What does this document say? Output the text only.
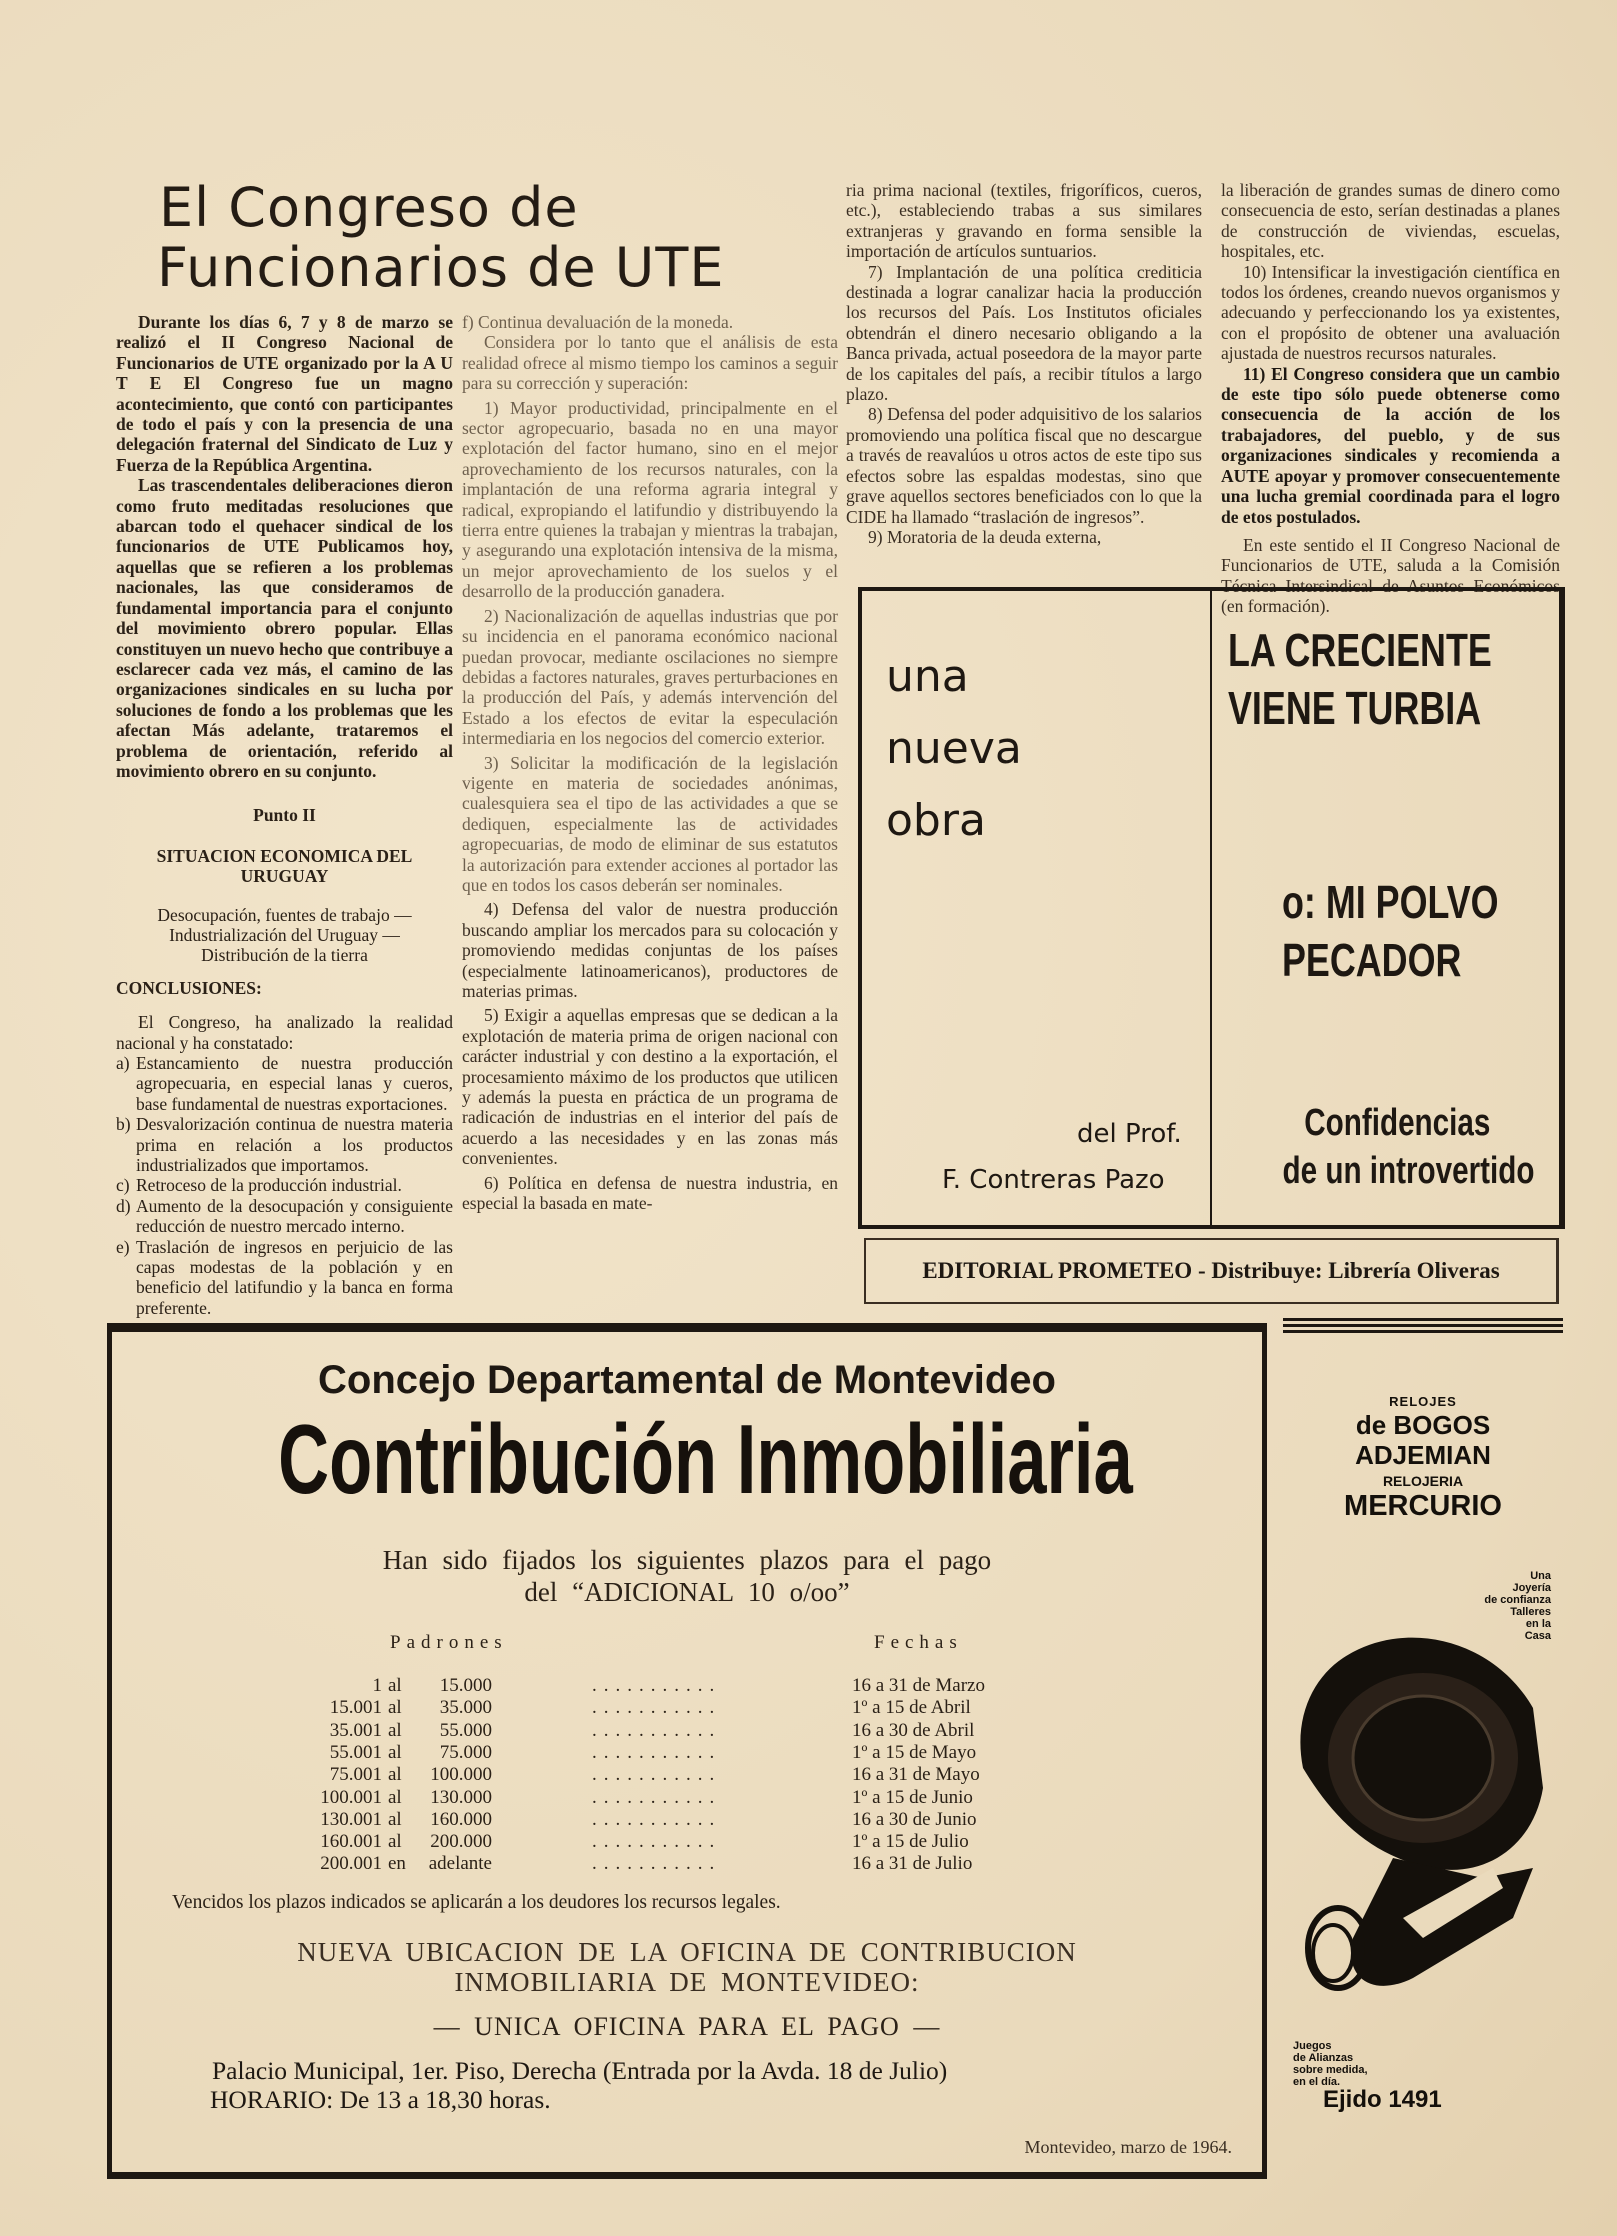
El Congreso de
Funcionarios de UTE

Durante los días 6, 7 y 8 de marzo se realizó el II Congreso Nacional de Funcionarios de UTE organizado por la A U T E El Congreso fue un magno acontecimiento, que contó con participantes de todo el país y con la presencia de una delegación fraternal del Sindicato de Luz y Fuerza de la República Argentina.

Las trascendentales deliberaciones dieron como fruto meditadas resoluciones que abarcan todo el quehacer sindical de los funcionarios de UTE Publicamos hoy, aquellas que se refieren a los problemas nacionales, las que consideramos de fundamental importancia para el conjunto del movimiento obrero popular. Ellas constituyen un nuevo hecho que contribuye a esclarecer cada vez más, el camino de las organizaciones sindicales en su lucha por soluciones de fondo a los problemas que les afectan Más adelante, trataremos el problema de orientación, referido al movimiento obrero en su conjunto.

Punto II

SITUACION ECONOMICA DEL URUGUAY

Desocupación, fuentes de trabajo — Industrialización del Uruguay — Distribución de la tierra

CONCLUSIONES:

El Congreso, ha analizado la realidad nacional y ha constatado:

a) Estancamiento de nuestra producción agropecuaria, en especial lanas y cueros, base fundamental de nuestras exportaciones.

b) Desvalorización continua de nuestra materia prima en relación a los productos industrializados que importamos.

c) Retroceso de la producción industrial.

d) Aumento de la desocupación y consiguiente reducción de nuestro mercado interno.

e) Traslación de ingresos en perjuicio de las capas modestas de la población y en beneficio del latifundio y la banca en forma preferente.

f) Continua devaluación de la moneda.

Considera por lo tanto que el análisis de esta realidad ofrece al mismo tiempo los caminos a seguir para su corrección y superación:

1) Mayor productividad, principalmente en el sector agropecuario, basada no en una mayor explotación del factor humano, sino en el mejor aprovechamiento de los recursos naturales, con la implantación de una reforma agraria integral y radical, expropiando el latifundio y distribuyendo la tierra entre quienes la trabajan y mientras la trabajan, y asegurando una explotación intensiva de la misma, un mejor aprovechamiento de los suelos y el desarrollo de la producción ganadera.

2) Nacionalización de aquellas industrias que por su incidencia en el panorama económico nacional puedan provocar, mediante oscilaciones no siempre debidas a factores naturales, graves perturbaciones en la producción del País, y además intervención del Estado a los efectos de evitar la especulación intermediaria en los negocios del comercio exterior.

3) Solicitar la modificación de la legislación vigente en materia de sociedades anónimas, cualesquiera sea el tipo de las actividades a que se dediquen, especialmente las de actividades agropecuarias, de modo de eliminar de sus estatutos la autorización para extender acciones al portador las que en todos los casos deberán ser nominales.

4) Defensa del valor de nuestra producción buscando ampliar los mercados para su colocación y promoviendo medidas conjuntas de los países (especialmente latinoamericanos), productores de materias primas.

5) Exigir a aquellas empresas que se dedican a la explotación de materia prima de origen nacional con carácter industrial y con destino a la exportación, el procesamiento máximo de los productos que utilicen y además la puesta en práctica de un programa de radicación de industrias en el interior del país de acuerdo a las necesidades y en las zonas más convenientes.

6) Política en defensa de nuestra industria, en especial la basada en mate-

ria prima nacional (textiles, frigoríficos, cueros, etc.), estableciendo trabas a sus similares extranjeras y gravando en forma sensible la importación de artículos suntuarios.

7) Implantación de una política crediticia destinada a lograr canalizar hacia la producción los recursos del País. Los Institutos oficiales obtendrán el dinero necesario obligando a la Banca privada, actual poseedora de la mayor parte de los capitales del país, a recibir títulos a largo plazo.

8) Defensa del poder adquisitivo de los salarios promoviendo una política fiscal que no descargue a través de reavalúos u otros actos de este tipo sus efectos sobre las espaldas modestas, sino que grave aquellos sectores beneficiados con lo que la CIDE ha llamado “traslación de ingresos”.

9) Moratoria de la deuda externa,

la liberación de grandes sumas de dinero como consecuencia de esto, serían destinadas a planes de construcción de viviendas, escuelas, hospitales, etc.

10) Intensificar la investigación científica en todos los órdenes, creando nuevos organismos y adecuando y perfeccionando los ya existentes, con el propósito de obtener una avaluación ajustada de nuestros recursos naturales.

11) El Congreso considera que un cambio de este tipo sólo puede obtenerse como consecuencia de la acción de los trabajadores, del pueblo, y de sus organizaciones sindicales y recomienda a AUTE apoyar y promover consecuentemente una lucha gremial coordinada para el logro de etos postulados.

En este sentido el II Congreso Nacional de Funcionarios de UTE, saluda a la Comisión Técnica Intersindical de Asuntos Económicos (en formación).

una
nueva
obra
del Prof.
F. Contreras Pazo
LA CRECIENTE
VIENE TURBIA
o: MI POLVO
PECADOR
Confidencias
de un introvertido
EDITORIAL PROMETEO - Distribuye: Librería Oliveras
Concejo Departamental de Montevideo
Contribución Inmobiliaria
Han sido fijados los siguientes plazos para el pago
del “ADICIONAL 10 o/oo”
Padrones	Fechas
1 al	15.000	...........	16 a 31 de Marzo
15.001 al	35.000	...........	1º a 15 de Abril
35.001 al	55.000	...........	16 a 30 de Abril
55.001 al	75.000	...........	1º a 15 de Mayo
75.001 al	100.000	...........	16 a 31 de Mayo
100.001 al	130.000	...........	1º a 15 de Junio
130.001 al	160.000	...........	16 a 30 de Junio
160.001 al	200.000	...........	1º a 15 de Julio
200.001 en	adelante	...........	16 a 31 de Julio
Vencidos los plazos indicados se aplicarán a los deudores los recursos legales.
NUEVA UBICACION DE LA OFICINA DE CONTRIBUCION
INMOBILIARIA DE MONTEVIDEO:
— UNICA OFICINA PARA EL PAGO —
Palacio Municipal, 1er. Piso, Derecha (Entrada por la Avda. 18 de Julio)
HORARIO: De 13 a 18,30 horas.
Montevideo, marzo de 1964.
RELOJES
de BOGOS
ADJEMIAN
RELOJERIA
MERCURIO
Una
Joyería
de confianza
Talleres
en la
Casa
Juegos
de Alianzas
sobre medida,
en el día.
Ejido 1491
